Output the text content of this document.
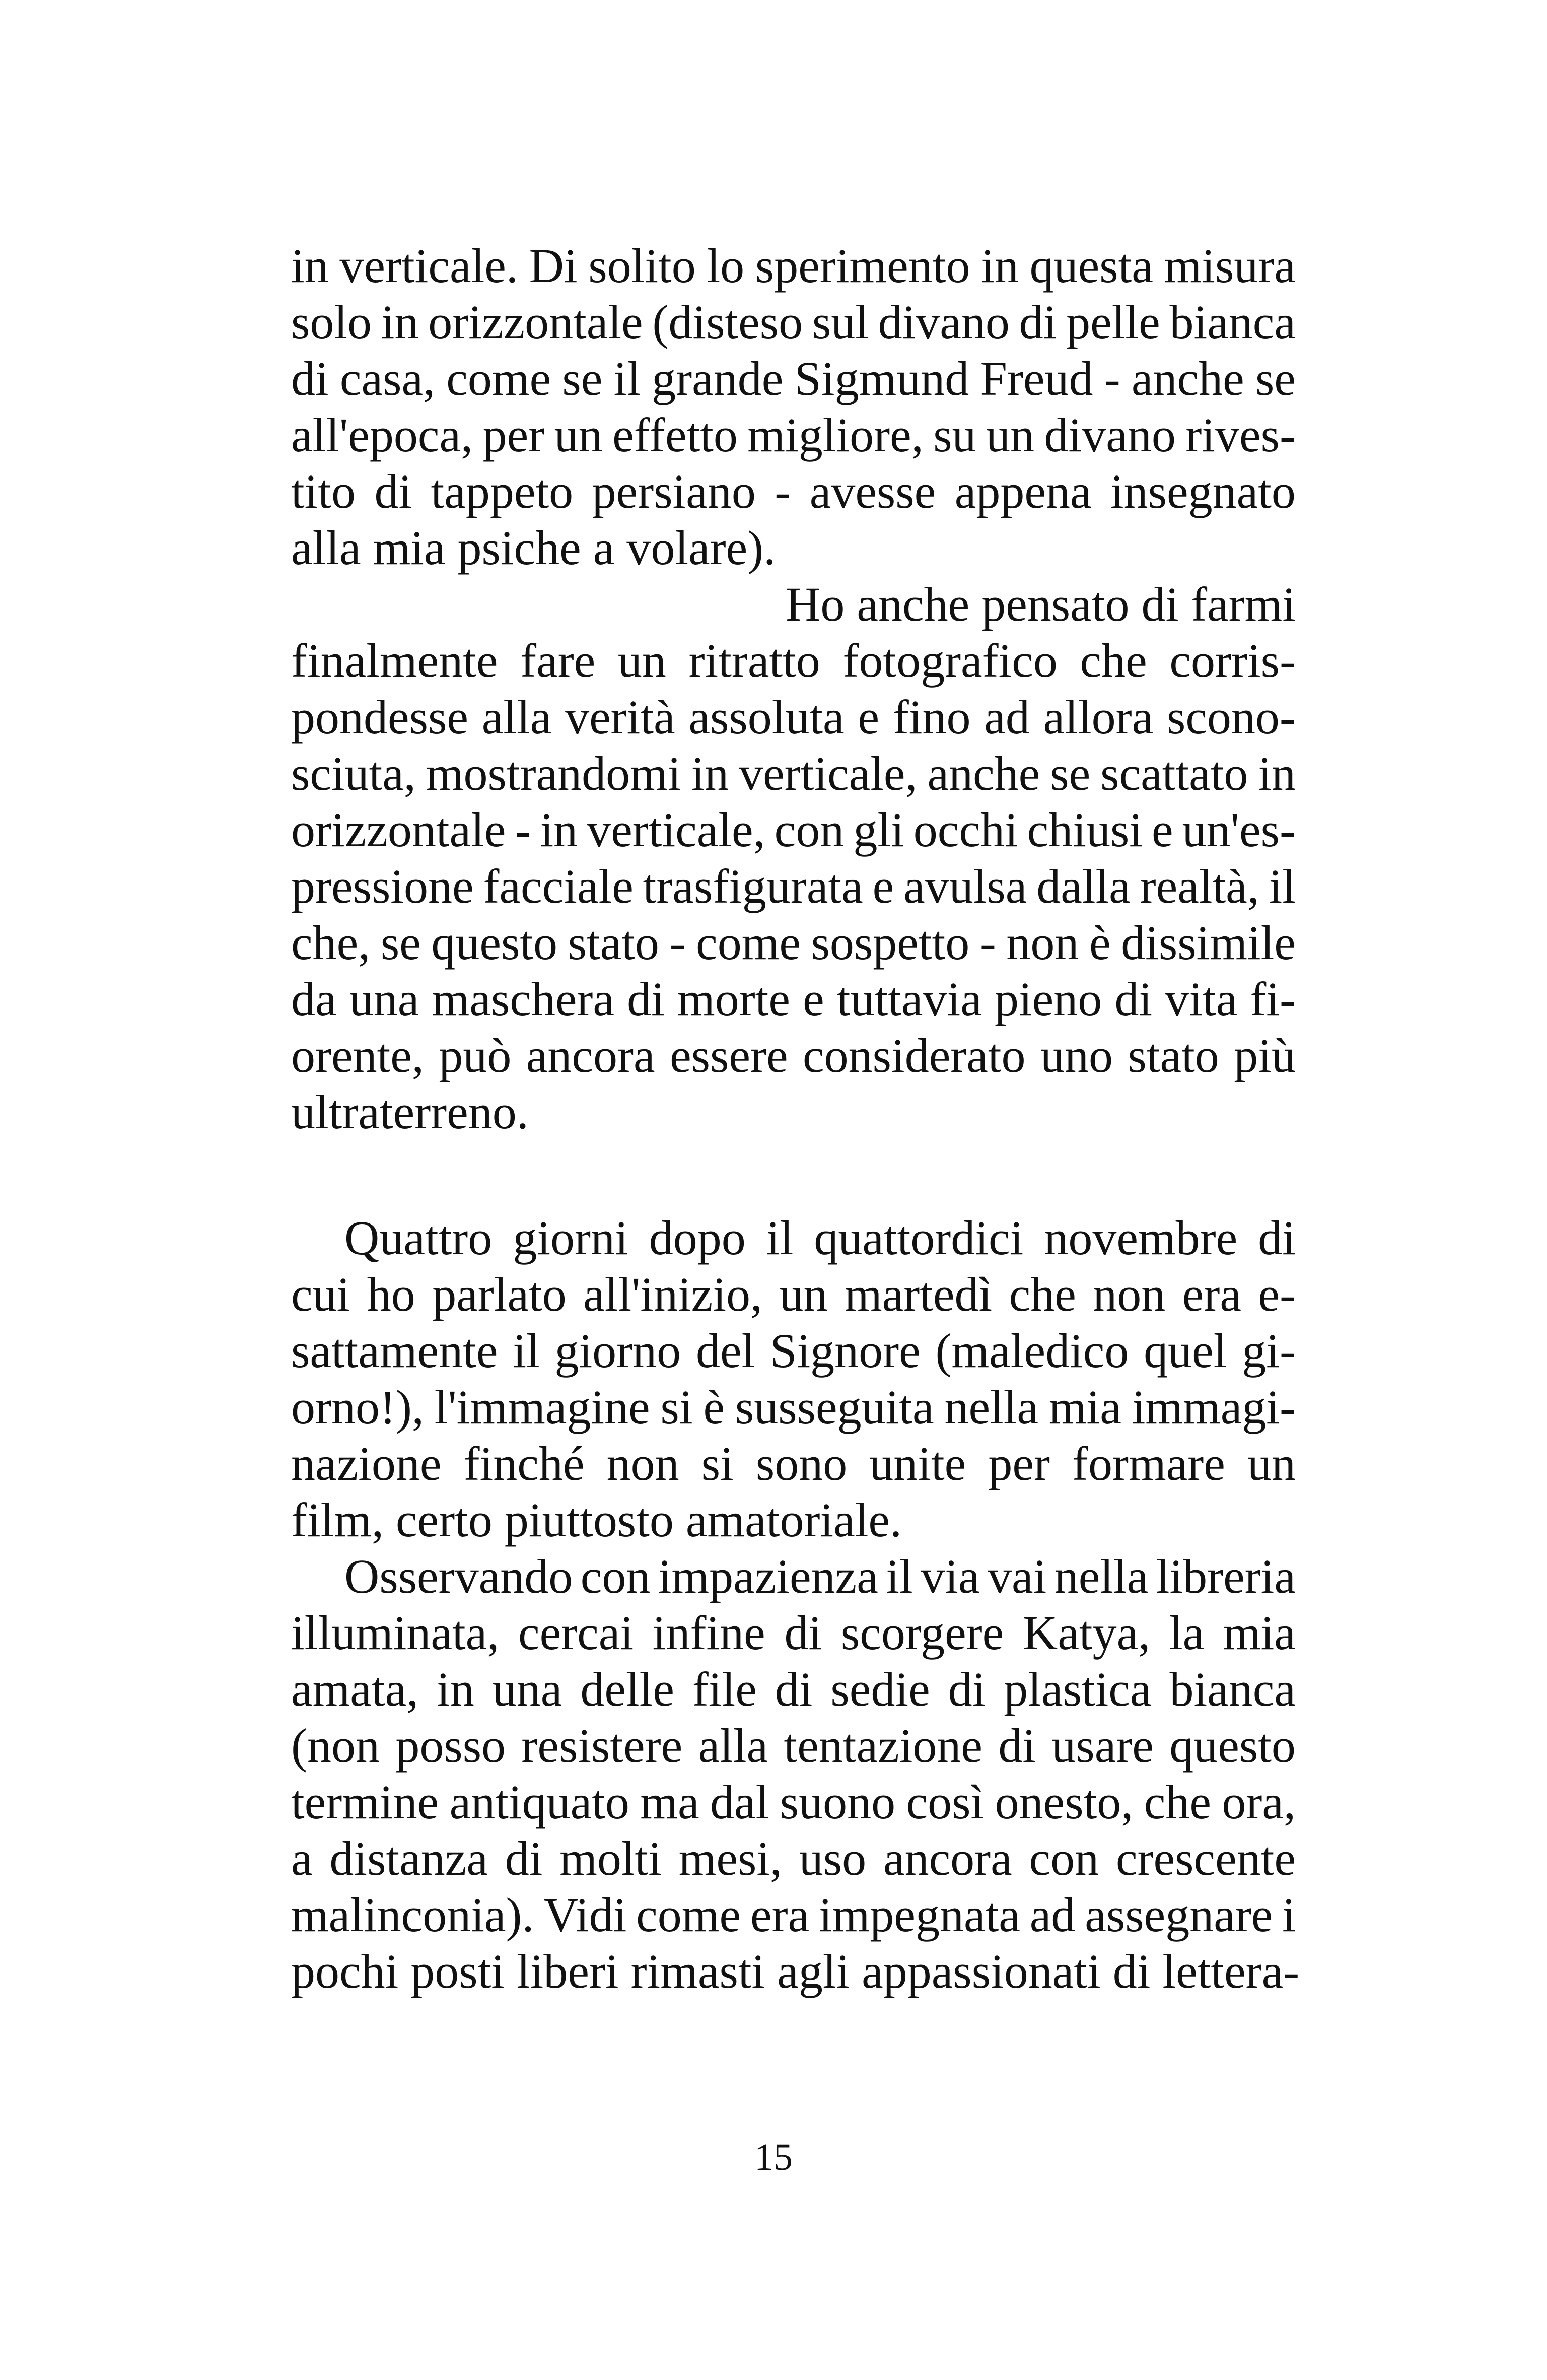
in verticale. Di solito lo sperimento in questa misura
solo in orizzontale (disteso sul divano di pelle bianca
di casa, come se il grande Sigmund Freud - anche se
all'epoca, per un effetto migliore, su un divano rives-
tito di tappeto persiano - avesse appena insegnato
alla mia psiche a volare).
Ho anche pensato di farmi
finalmente fare un ritratto fotografico che corris-
pondesse alla verità assoluta e fino ad allora scono-
sciuta, mostrandomi in verticale, anche se scattato in
orizzontale - in verticale, con gli occhi chiusi e un'es-
pressione facciale trasfigurata e avulsa dalla realtà, il
che, se questo stato - come sospetto - non è dissimile
da una maschera di morte e tuttavia pieno di vita fi-
orente, può ancora essere considerato uno stato più
ultraterreno.
Quattro giorni dopo il quattordici novembre di
cui ho parlato all'inizio, un martedì che non era e-
sattamente il giorno del Signore (maledico quel gi-
orno!), l'immagine si è susseguita nella mia immagi-
nazione finché non si sono unite per formare un
film, certo piuttosto amatoriale.
Osservando con impazienza il via vai nella libreria
illuminata, cercai infine di scorgere Katya, la mia
amata, in una delle file di sedie di plastica bianca
(non posso resistere alla tentazione di usare questo
termine antiquato ma dal suono così onesto, che ora,
a distanza di molti mesi, uso ancora con crescente
malinconia). Vidi come era impegnata ad assegnare i
pochi posti liberi rimasti agli appassionati di lettera-
15
